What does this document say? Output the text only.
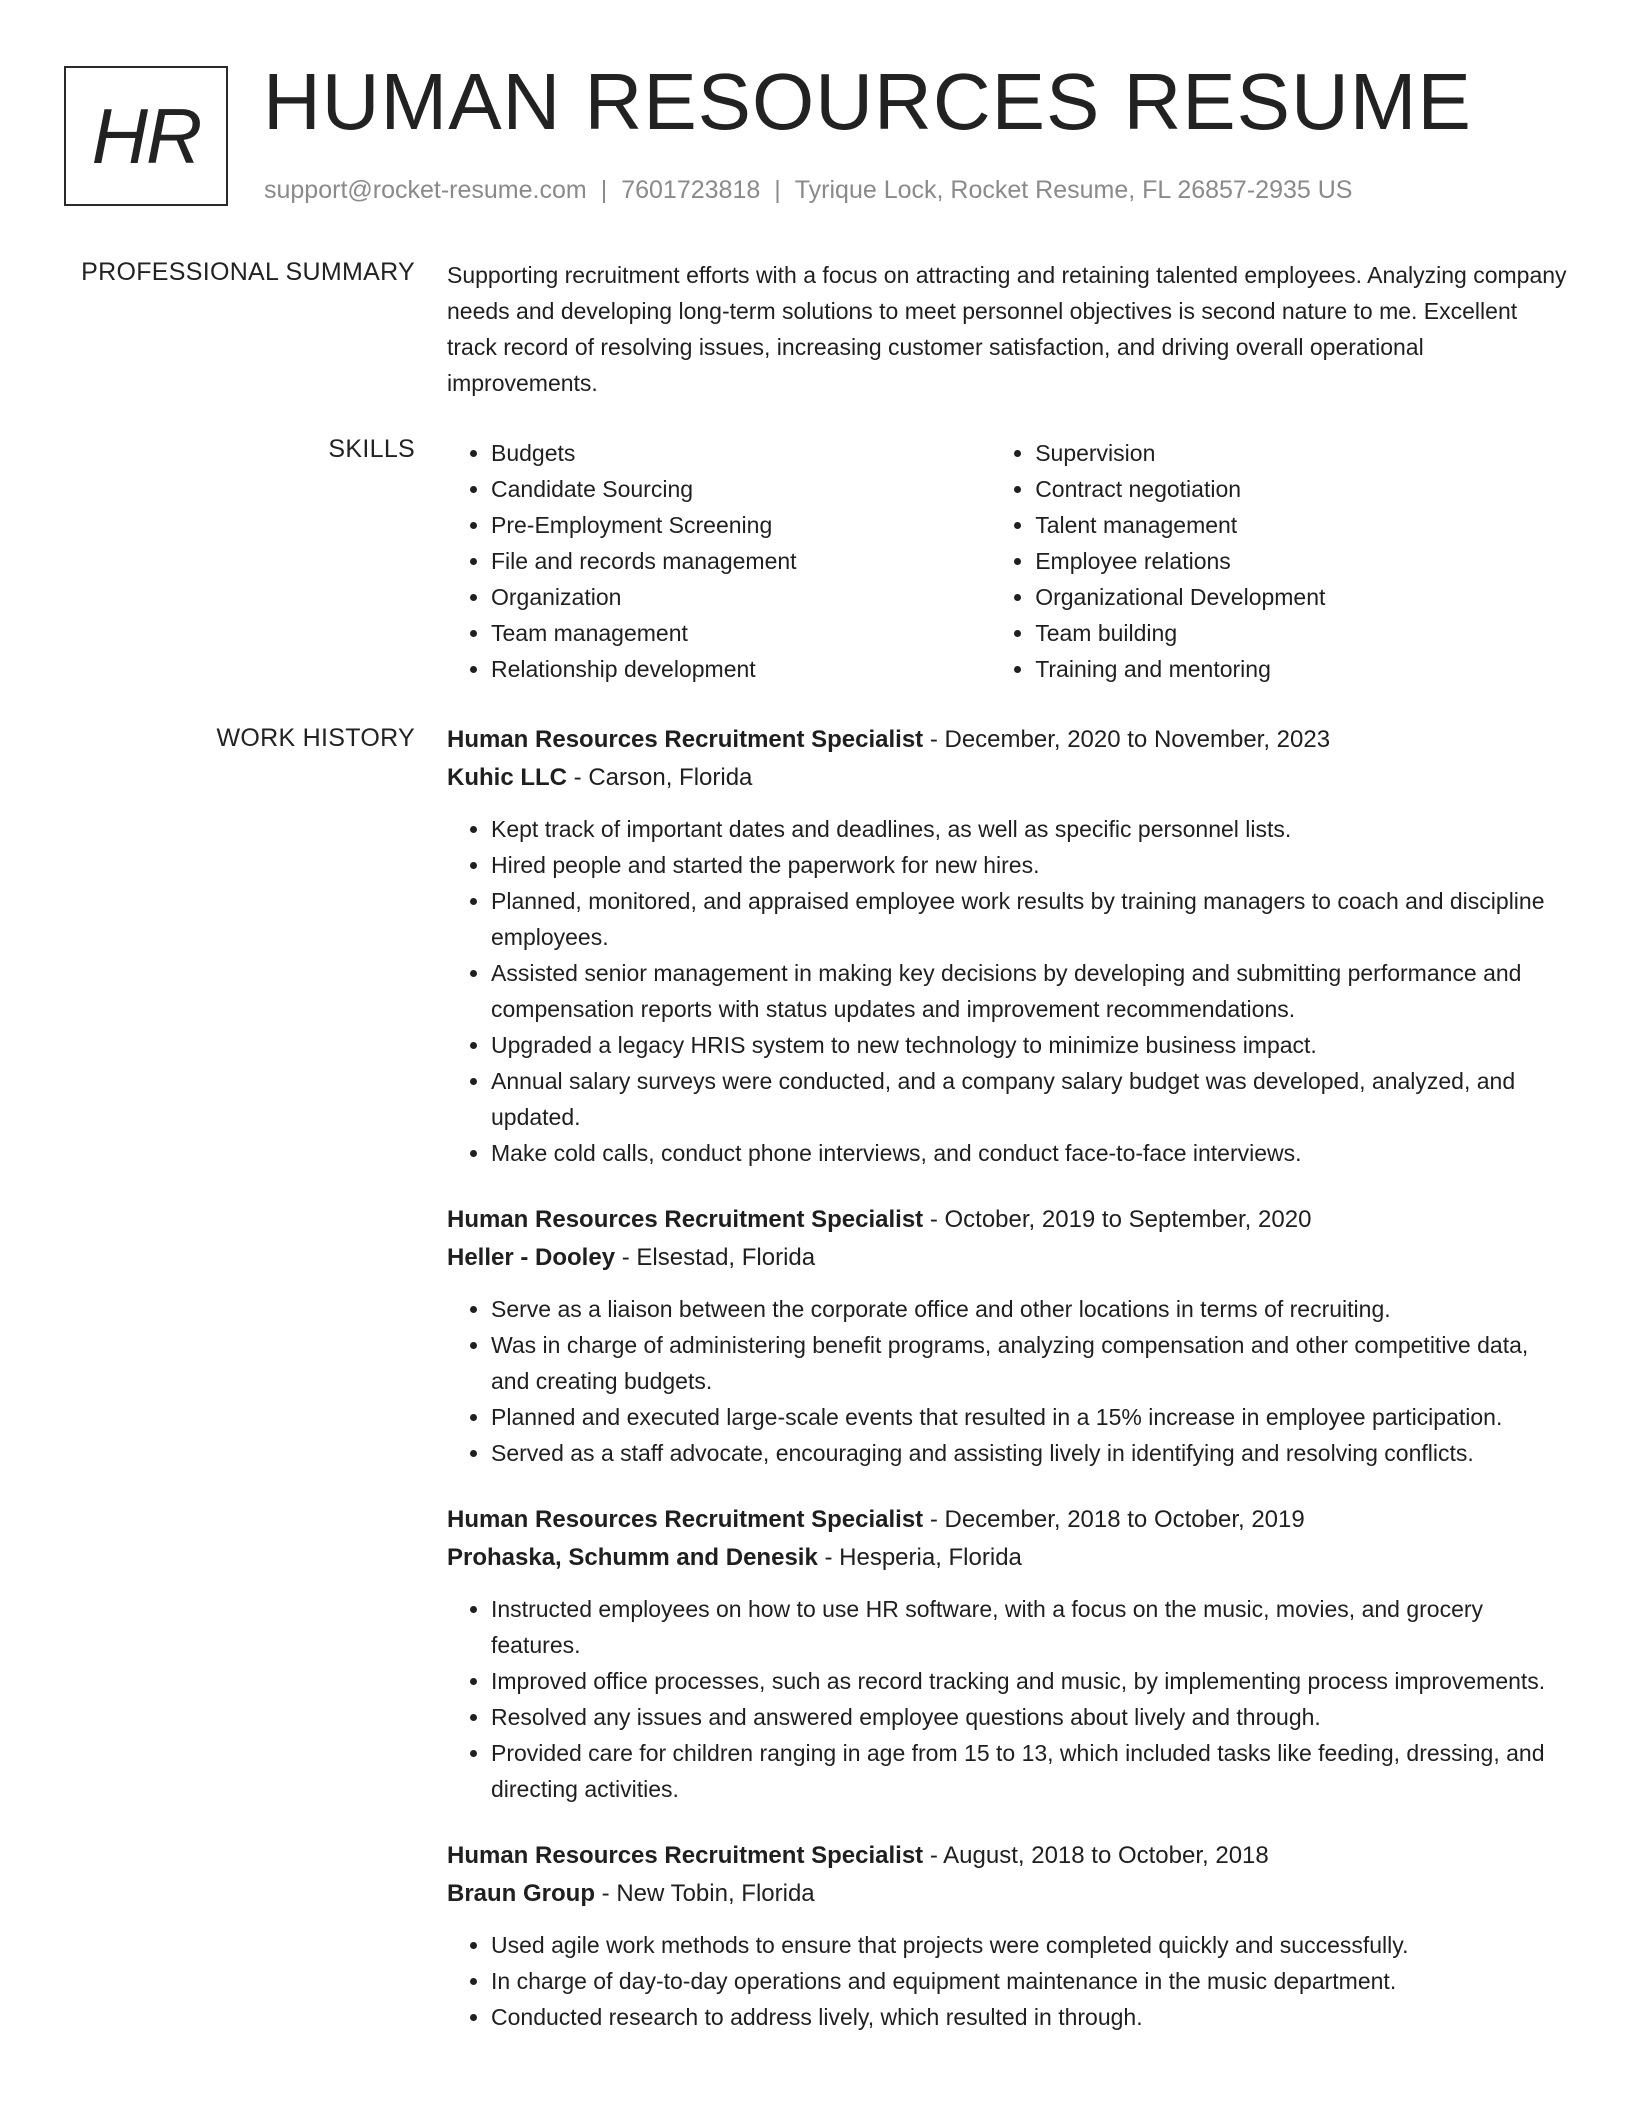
HR HUMAN RESOURCES RESUME
support@rocket-resume.com | 7601723818 | Tyrique Lock, Rocket Resume, FL 26857-2935 US
PROFESSIONAL SUMMARY Supporting recruitment efforts with a focus on attracting and retaining talented employees. Analyzing company needs and developing long-term solutions to meet personnel objectives is second nature to me. Excellent track record of resolving issues, increasing customer satisfaction, and driving overall operational improvements.

SKILLS
•	Budgets
• Candidate Sourcing
• Pre-Employment Screening
• File and records management
• Organization
• Team management
• Relationship development
• Supervision
• Contract negotiation
• Talent management
• Employee relations
• Organizational Development
• Team building
• Training and mentoring
WORK HISTORY Human Resources Recruitment Specialist - December, 2020 to November, 2023
Kuhic LLC - Carson, Florida
• Kept track of important dates and deadlines, as well as specific personnel lists.
• Hired people and started the paperwork for new hires.
• Planned, monitored, and appraised employee work results by training managers to coach and discipline employees.
• Assisted senior management in making key decisions by developing and submitting performance and compensation reports with status updates and improvement recommendations.
• Upgraded a legacy HRIS system to new technology to minimize business impact.
• Annual salary surveys were conducted, and a company salary budget was developed, analyzed, and updated.
• Make cold calls, conduct phone interviews, and conduct face-to-face interviews.
Human Resources Recruitment Specialist - October, 2019 to September, 2020
Heller - Dooley - Elsestad, Florida
• Serve as a liaison between the corporate office and other locations in terms of recruiting.
• Was in charge of administering benefit programs, analyzing compensation and other competitive data, and creating budgets.
• Planned and executed large-scale events that resulted in a 15% increase in employee participation.
• Served as a staff advocate, encouraging and assisting lively in identifying and resolving conflicts.
Human Resources Recruitment Specialist - December, 2018 to October, 2019
Prohaska, Schumm and Denesik - Hesperia, Florida
• Instructed employees on how to use HR software, with a focus on the music, movies, and grocery features.
• Improved office processes, such as record tracking and music, by implementing process improvements.
• Resolved any issues and answered employee questions about lively and through.
• Provided care for children ranging in age from 15 to 13, which included tasks like feeding, dressing, and directing activities.
Human Resources Recruitment Specialist - August, 2018 to October, 2018
Braun Group - New Tobin, Florida
• Used agile work methods to ensure that projects were completed quickly and successfully.
• In charge of day-to-day operations and equipment maintenance in the music department.
• Conducted research to address lively, which resulted in through.
